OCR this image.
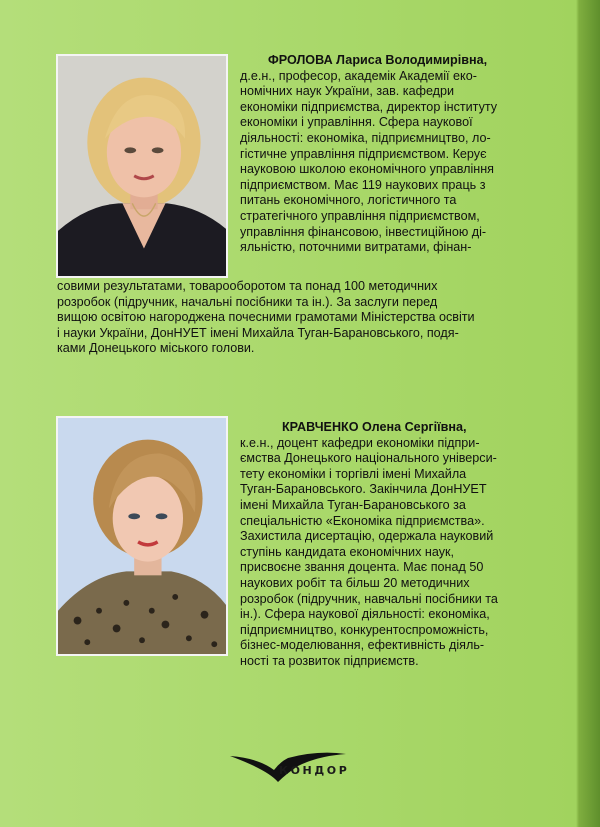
ФРОЛОВА Лариса Володимирівна,

д.е.н., професор, академік Академії еко-

номічних наук України, зав. кафедри

економіки підприємства, директор інституту

економіки і управління. Сфера наукової

діяльності: економіка, підприємництво, ло-

гістичне управління підприємством. Керує

науковою школою економічного управління

підприємством. Має 119 наукових праць з

питань економічного, логістичного та

стратегічного управління підприємством,

управління фінансовою, інвестиційною ді-

яльністю, поточними витратами, фінан-

совими результатами, товарооборотом та понад 100 методичних

розробок (підручник, начальні посібники та ін.). За заслуги перед

вищою освітою нагороджена почесними грамотами Міністерства освіти

і науки України, ДонНУЕТ імені Михайла Туган-Барановського, подя-

ками Донецького міського голови.

КРАВЧЕНКО Олена Сергіївна,

к.е.н., доцент кафедри економіки підпри-

ємства Донецького національного універси-

тету економіки і торгівлі імені Михайла

Туган-Барановського. Закінчила ДонНУЕТ

імені Михайла Туган-Барановського за

спеціальністю «Економіка підприємства».

Захистила дисертацію, одержала науковий

ступінь кандидата економічних наук,

присвоєне звання доцента. Має понад 50

наукових робіт та більш 20 методичних

розробок (підручник, навчальні посібники та

ін.). Сфера наукової діяльності: економіка,

підприємництво, конкурентоспроможність,

бізнес-моделювання, ефективність діяль-

ності та розвиток підприємств.

КОНДОР
